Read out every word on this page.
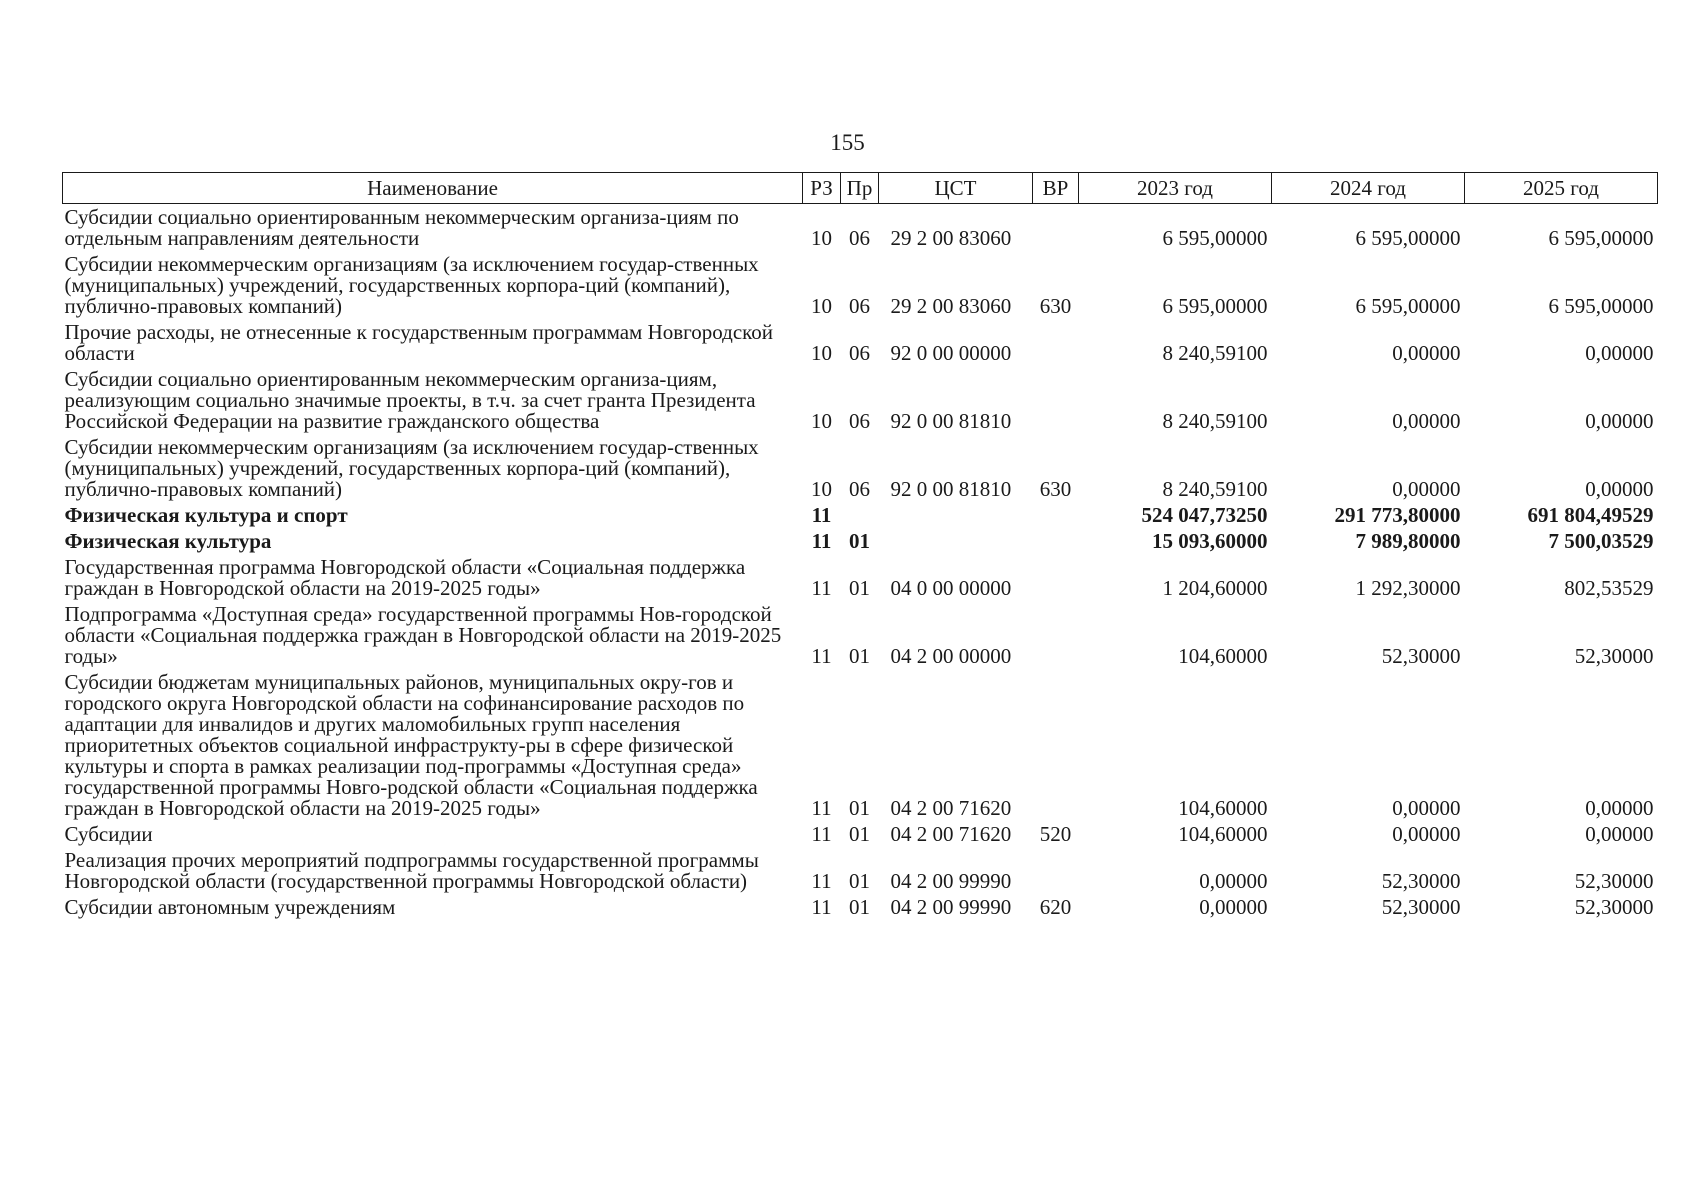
155
Наименование	РЗ	Пр	ЦСТ	ВР	2023 год	2024 год	2025 год
Субсидии социально ориентированным некоммерческим организа-циям по отдельным направлениям деятельности	10	06	29 2 00 83060		6 595,00000	6 595,00000	6 595,00000
Субсидии некоммерческим организациям (за исключением государ-ственных (муниципальных) учреждений, государственных корпора-ций (компаний), публично-правовых компаний)	10	06	29 2 00 83060	630	6 595,00000	6 595,00000	6 595,00000
Прочие расходы, не отнесенные к государственным программам Новгородской области	10	06	92 0 00 00000		8 240,59100	0,00000	0,00000
Субсидии социально ориентированным некоммерческим организа-циям, реализующим социально значимые проекты, в т.ч. за счет гранта Президента Российской Федерации на развитие гражданского общества	10	06	92 0 00 81810		8 240,59100	0,00000	0,00000
Субсидии некоммерческим организациям (за исключением государ-ственных (муниципальных) учреждений, государственных корпора-ций (компаний), публично-правовых компаний)	10	06	92 0 00 81810	630	8 240,59100	0,00000	0,00000
Физическая культура и спорт	11				524 047,73250	291 773,80000	691 804,49529
Физическая культура	11	01			15 093,60000	7 989,80000	7 500,03529
Государственная программа Новгородской области «Социальная поддержка граждан в Новгородской области на 2019-2025 годы»	11	01	04 0 00 00000		1 204,60000	1 292,30000	802,53529
Подпрограмма «Доступная среда» государственной программы Нов-городской области «Социальная поддержка граждан в Новгородской области на 2019-2025 годы»	11	01	04 2 00 00000		104,60000	52,30000	52,30000
Субсидии бюджетам муниципальных районов, муниципальных окру-гов и городского округа Новгородской области на софинансирование расходов по адаптации для инвалидов и других маломобильных групп населения приоритетных объектов социальной инфраструкту-ры в сфере физической культуры и спорта в рамках реализации под-программы «Доступная среда» государственной программы Новго-родской области «Социальная поддержка граждан в Новгородской области на 2019-2025 годы»	11	01	04 2 00 71620		104,60000	0,00000	0,00000
Субсидии	11	01	04 2 00 71620	520	104,60000	0,00000	0,00000
Реализация прочих мероприятий подпрограммы государственной программы Новгородской области (государственной программы Новгородской области)	11	01	04 2 00 99990		0,00000	52,30000	52,30000
Субсидии автономным учреждениям	11	01	04 2 00 99990	620	0,00000	52,30000	52,30000
